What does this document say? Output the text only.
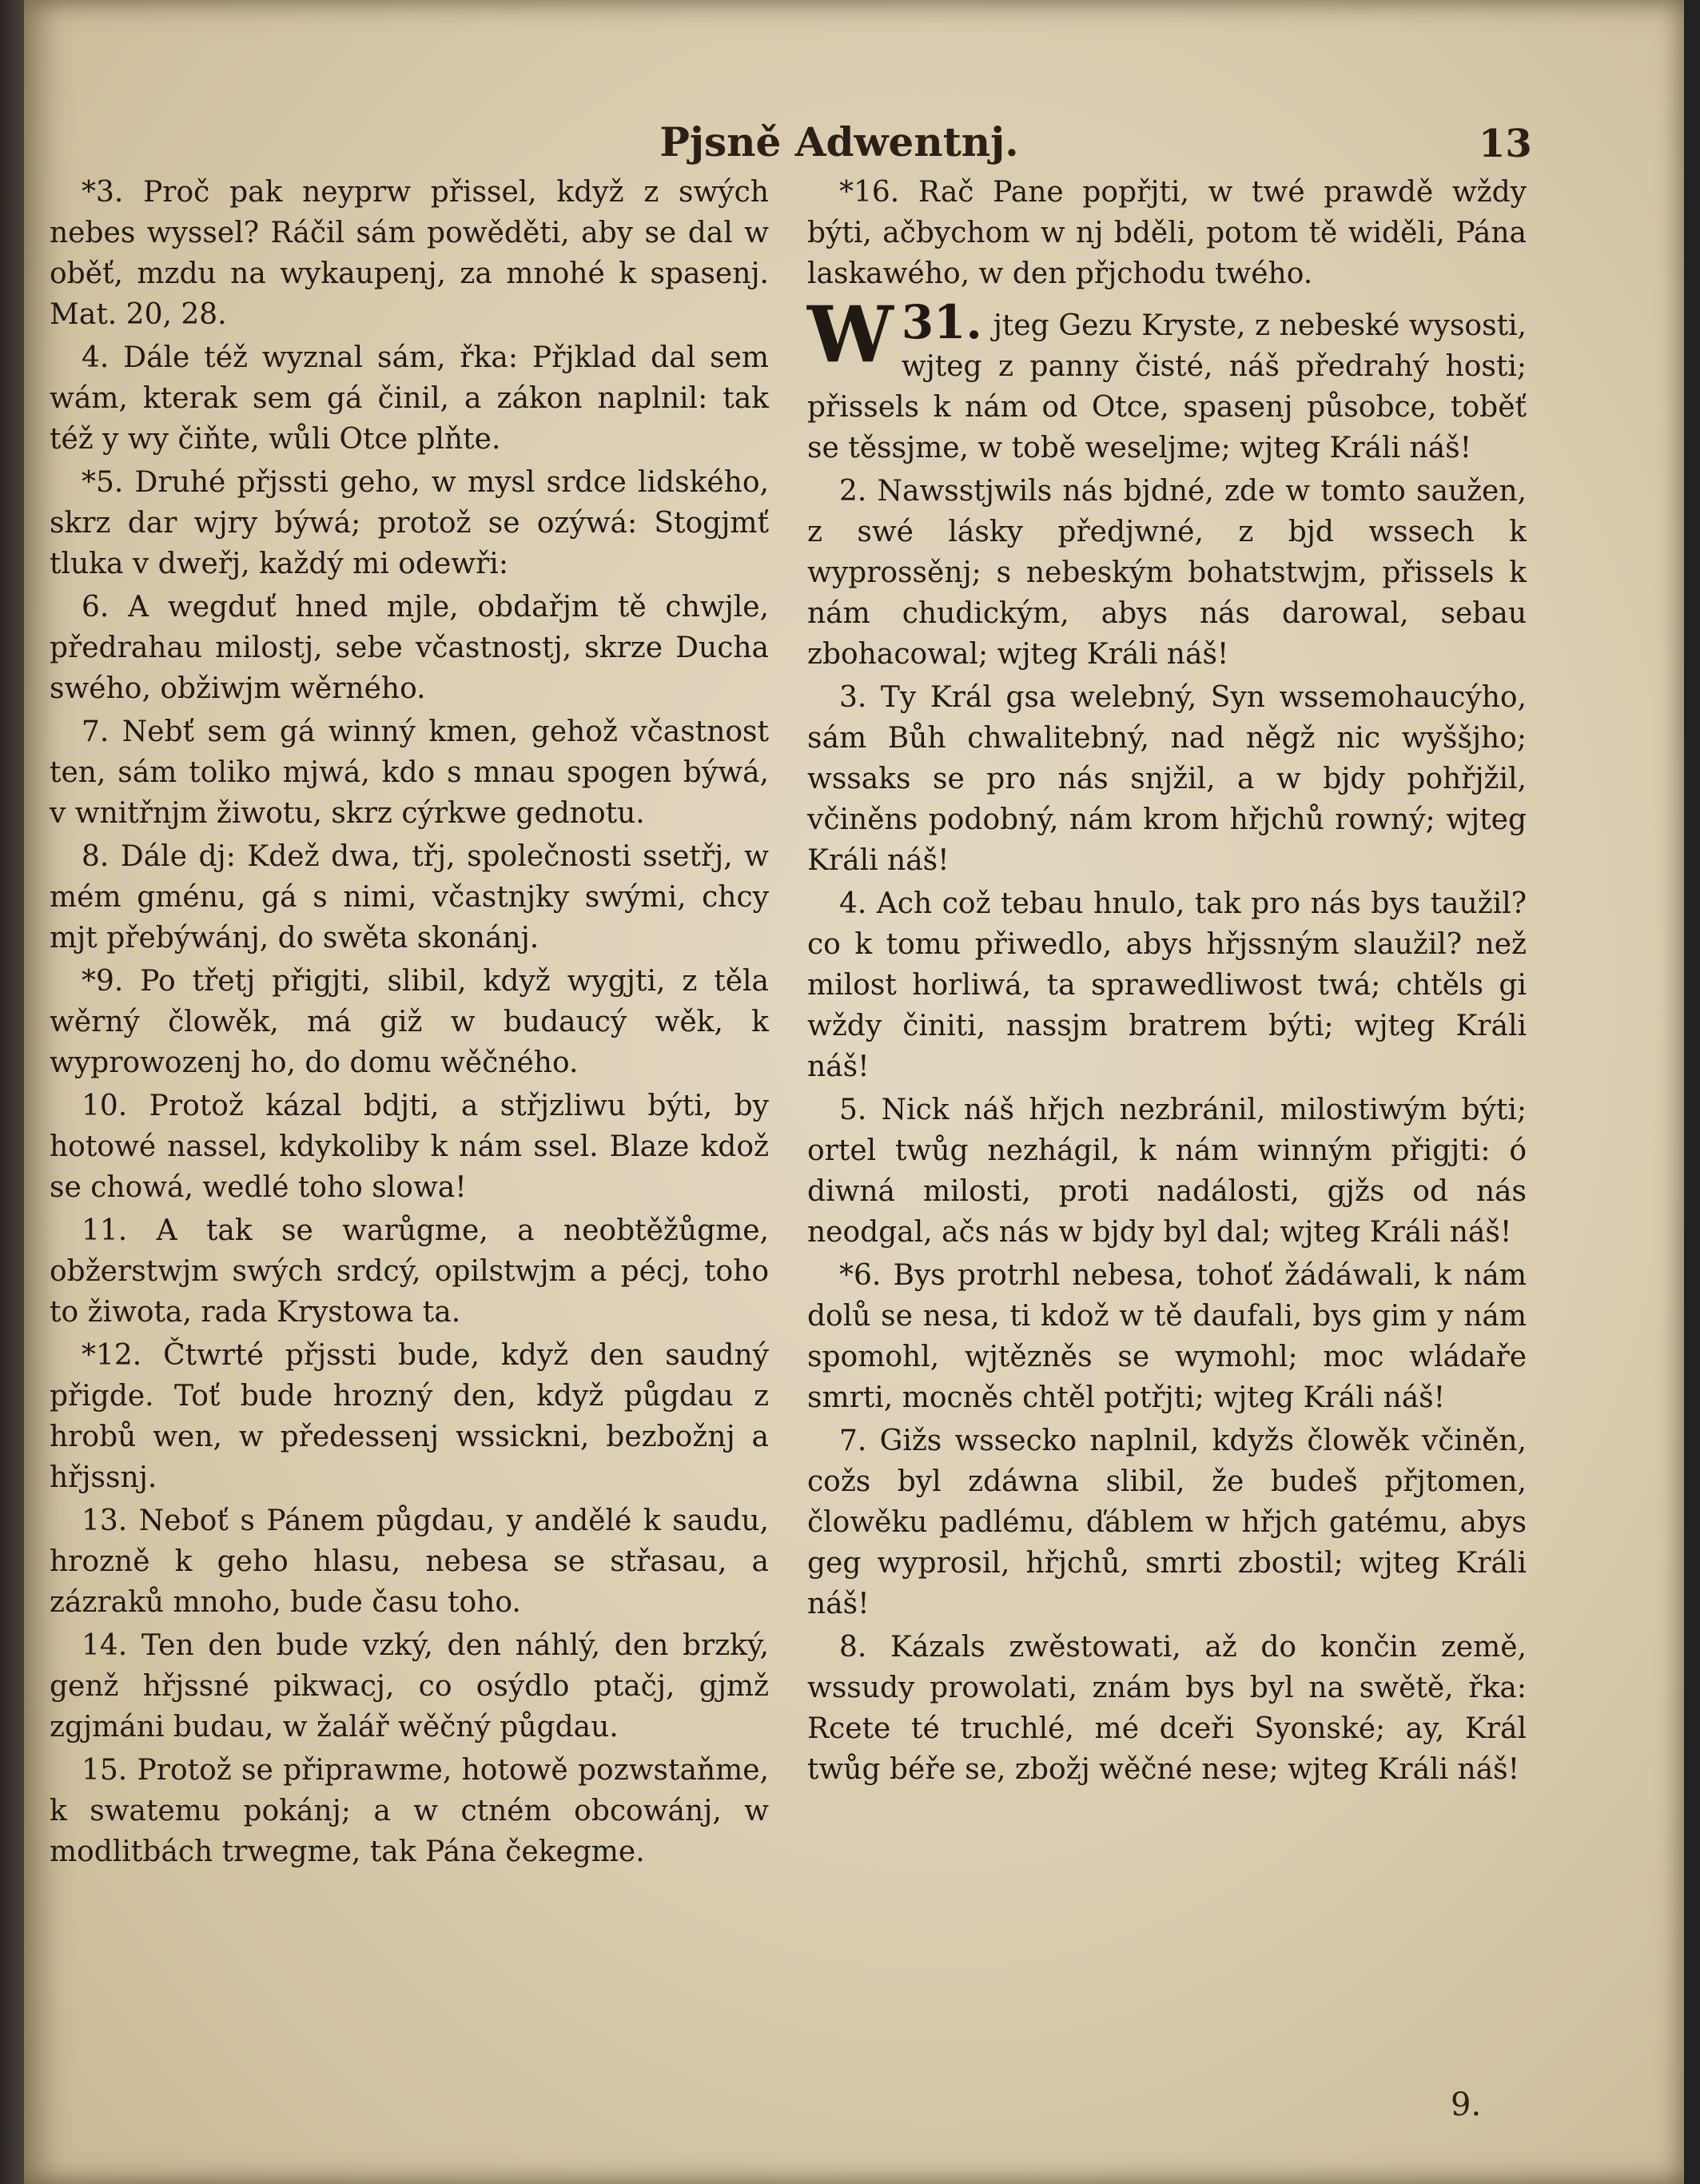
Pjsně Adwentnj.	13

*3. Proč pak neyprw přissel, když z swých nebes wyssel? Ráčil sám powěděti, aby se dal w oběť, mzdu na wykaupenj, za mnohé k spasenj. Mat. 20, 28.

4. Dále též wyznal sám, řka: Přjklad dal sem wám, kterak sem gá činil, a zákon naplnil: tak též y wy čiňte, wůli Otce plňte.

*5. Druhé přjssti geho, w mysl srdce lidského, skrz dar wjry býwá; protož se ozýwá: Stogjmť tluka v dweřj, každý mi odewři:

6. A wegduť hned mjle, obdařjm tě chwjle, předrahau milostj, sebe včastnostj, skrze Ducha swého, obžiwjm wěrného.

7. Nebť sem gá winný kmen, gehož včastnost ten, sám toliko mjwá, kdo s mnau spogen býwá, v wnitřnjm žiwotu, skrz cýrkwe gednotu.

8. Dále dj: Kdež dwa, třj, společnosti ssetřj, w mém gménu, gá s nimi, včastnjky swými, chcy mjt přebýwánj, do swěta skonánj.

*9. Po třetj přigjti, slibil, když wygjti, z těla wěrný člowěk, má giž w budaucý wěk, k wyprowozenj ho, do domu wěčného.

10. Protož kázal bdjti, a střjzliwu býti, by hotowé nassel, kdykoliby k nám ssel. Blaze kdož se chowá, wedlé toho slowa!

11. A tak se warůgme, a neobtěžůgme, obžerstwjm swých srdcý, opilstwjm a pécj, toho to žiwota, rada Krystowa ta.

*12. Čtwrté přjssti bude, když den saudný přigde. Toť bude hrozný den, když půgdau z hrobů wen, w předessenj wssickni, bezbožnj a hřjssnj.

13. Neboť s Pánem půgdau, y andělé k saudu, hrozně k geho hlasu, nebesa se střasau, a zázraků mnoho, bude času toho.

14. Ten den bude vzký, den náhlý, den brzký, genž hřjssné pikwacj, co osýdlo ptačj, gjmž zgjmáni budau, w žalář wěčný půgdau.

15. Protož se připrawme, hotowě pozwstaňme, k swatemu pokánj; a w ctném obcowánj, w modlitbách trwegme, tak Pána čekegme.

*16. Rač Pane popřjti, w twé prawdě wždy býti, ačbychom w nj bděli, potom tě widěli, Pána laskawého, w den přjchodu twého.

31.
W	jteg Gezu Kryste, z nebeské wysosti, wjteg z panny čisté, náš předrahý hosti; přissels k nám od Otce, spasenj působce, toběť se těssjme, w tobě weseljme; wjteg Králi náš!

2. Nawsstjwils nás bjdné, zde w tomto saužen, z swé lásky předjwné, z bjd wssech k wyprossěnj; s nebeským bohatstwjm, přissels k nám chudickým, abys nás darowal, sebau zbohacowal; wjteg Králi náš!

3. Ty Král gsa welebný, Syn wssemohaucýho, sám Bůh chwalitebný, nad něgž nic wyššjho; wssaks se pro nás snjžil, a w bjdy pohřjžil, včiněns podobný, nám krom hřjchů rowný; wjteg Králi náš!

4. Ach což tebau hnulo, tak pro nás bys taužil? co k tomu přiwedlo, abys hřjssným slaužil? než milost horliwá, ta sprawedliwost twá; chtěls gi wždy činiti, nassjm bratrem býti; wjteg Králi náš!

5. Nick náš hřjch nezbránil, milostiwým býti; ortel twůg nezhágil, k nám winným přigjti: ó diwná milosti, proti nadálosti, gjžs od nás neodgal, ačs nás w bjdy byl dal; wjteg Králi náš!

*6. Bys protrhl nebesa, tohoť žádáwali, k nám dolů se nesa, ti kdož w tě daufali, bys gim y nám spomohl, wjtězněs se wymohl; moc wládaře smrti, mocněs chtěl potřjti; wjteg Králi náš!

7. Gižs wssecko naplnil, kdyžs člowěk včiněn, cožs byl zdáwna slibil, že budeš přjtomen, člowěku padlému, ďáblem w hřjch gatému, abys geg wyprosil, hřjchů, smrti zbostil; wjteg Králi náš!

8. Kázals zwěstowati, až do končin země, wssudy prowolati, znám bys byl na swětě, řka: Rcete té truchlé, mé dceři Syonské; ay, Král twůg béře se, zbožj wěčné nese; wjteg Králi náš!

9.
